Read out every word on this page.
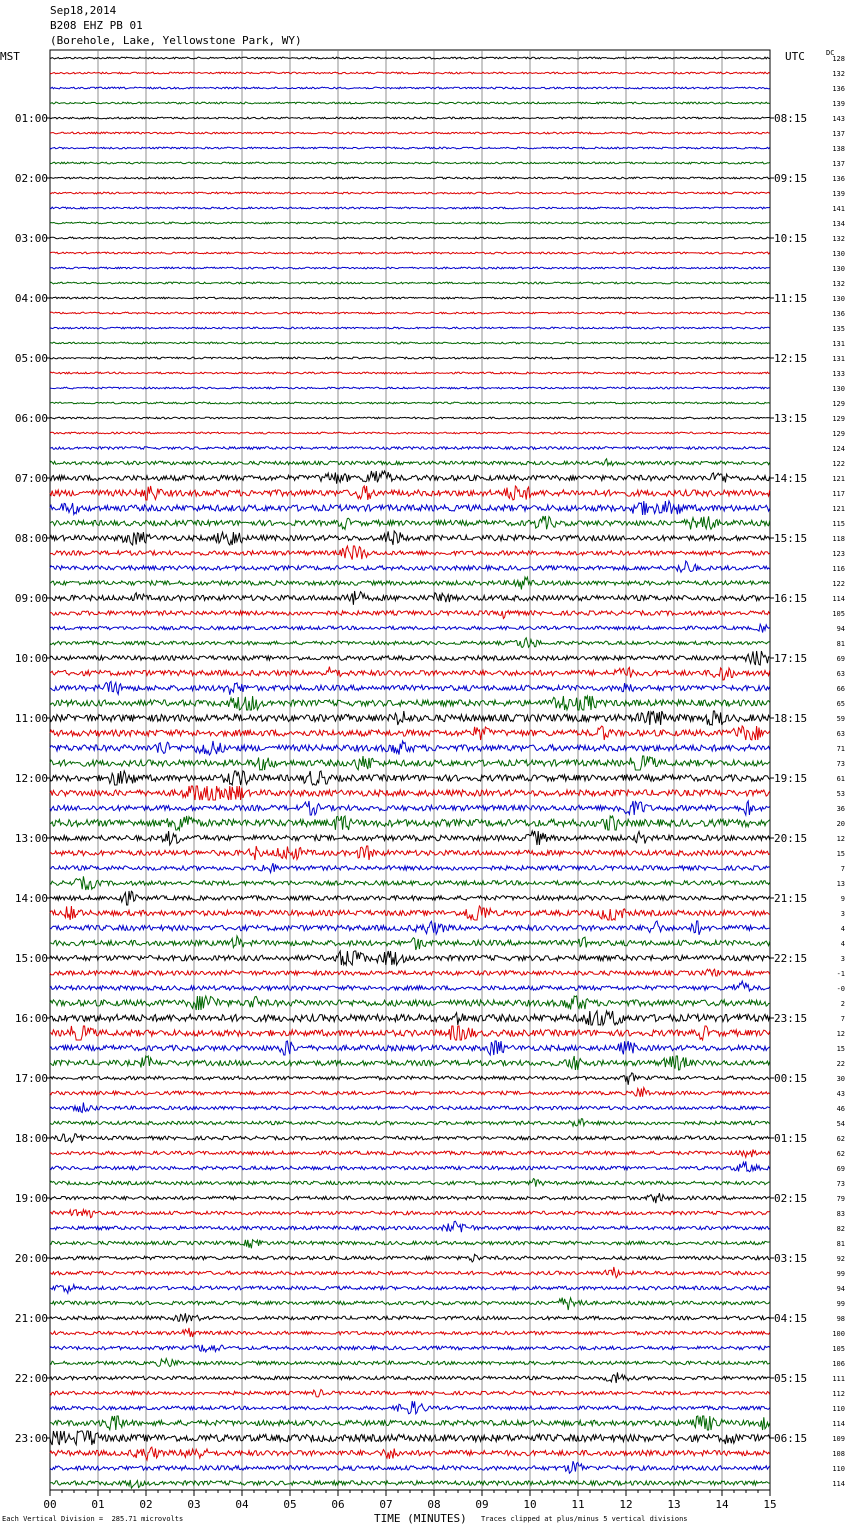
Sep18,2014
B208 EHZ PB 01
(Borehole, Lake, Yellowstone Park, WY)
MST	UTC	DC
00	01	02	03	04	05	06	07	08	09	10	11	12	13	14	15
128
132
136
139
143
01:00	08:15
137
138
137
136
02:00	09:15
139
141
134
132
03:00	10:15
130
130
132
130
04:00	11:15
136
135
131
131
05:00	12:15
133
130
129
129
06:00	13:15
129
124
122
121
07:00	14:15
117
121
115
118
08:00	15:15
123
116
122
114
09:00	16:15
105
94
81
69
10:00	17:15
63
66
65
59
11:00	18:15
63
71
73
61
12:00	19:15
53
36
20
12
13:00	20:15
15
7
13
9
14:00	21:15
3
4
4
3
15:00	22:15
-1
-0
2
7
16:00	23:15
12
15
22
30
17:00	00:15
43
46
54
62
18:00	01:15
62
69
73
79
19:00	02:15
83
82
81
92
20:00	03:15
99
94
99
98
21:00	04:15
100
105
106
111
22:00	05:15
112
110
114
109
23:00	06:15
108
110
114
Each Vertical Division =  285.71 microvolts	TIME (MINUTES) Traces clipped at plus/minus 5 vertical divisions
